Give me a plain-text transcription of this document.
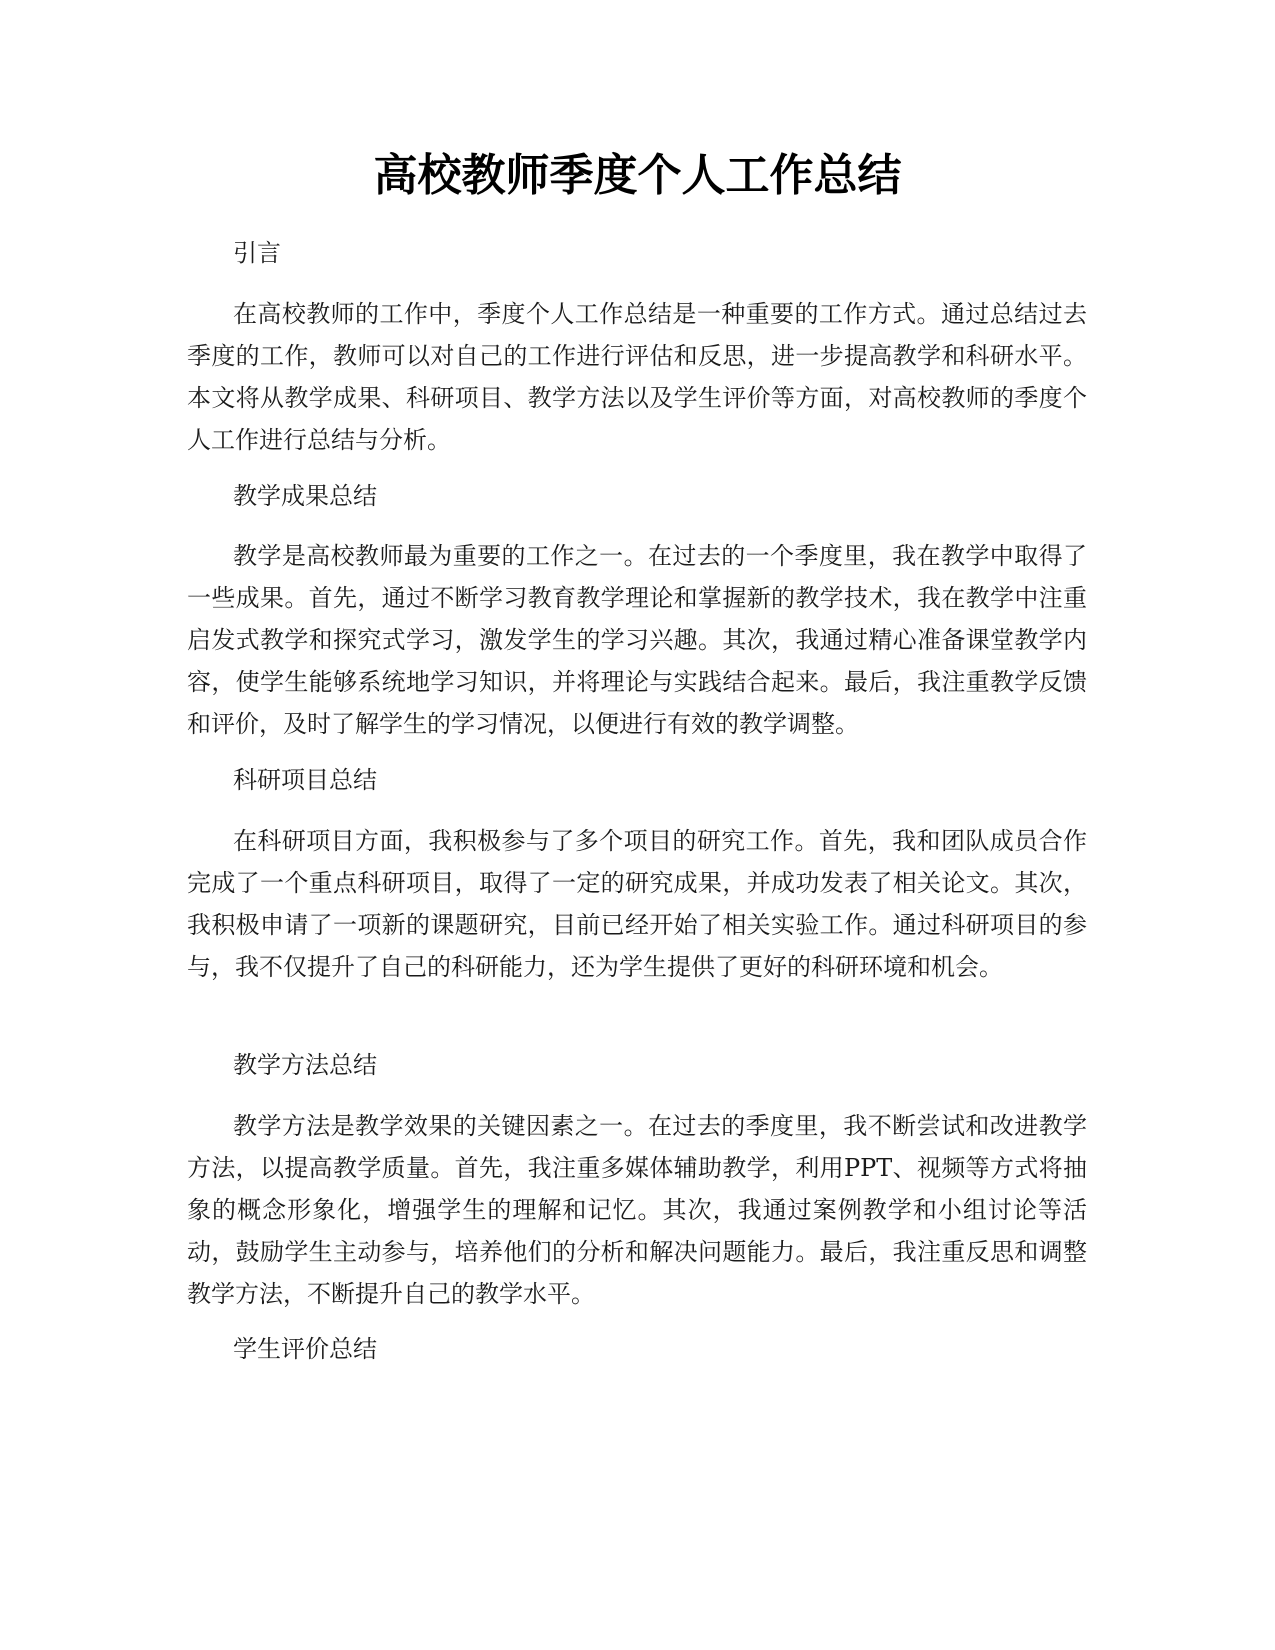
高校教师季度个人工作总结

引言

在高校教师的工作中，季度个人工作总结是一种重要的工作方式。通过总结过去季度的工作，教师可以对自己的工作进行评估和反思，进一步提高教学和科研水平。本文将从教学成果、科研项目、教学方法以及学生评价等方面，对高校教师的季度个人工作进行总结与分析。

教学成果总结

教学是高校教师最为重要的工作之一。在过去的一个季度里，我在教学中取得了一些成果。首先，通过不断学习教育教学理论和掌握新的教学技术，我在教学中注重启发式教学和探究式学习，激发学生的学习兴趣。其次，我通过精心准备课堂教学内容，使学生能够系统地学习知识，并将理论与实践结合起来。最后，我注重教学反馈和评价，及时了解学生的学习情况，以便进行有效的教学调整。

科研项目总结

在科研项目方面，我积极参与了多个项目的研究工作。首先，我和团队成员合作完成了一个重点科研项目，取得了一定的研究成果，并成功发表了相关论文。其次，我积极申请了一项新的课题研究，目前已经开始了相关实验工作。通过科研项目的参与，我不仅提升了自己的科研能力，还为学生提供了更好的科研环境和机会。

教学方法总结

教学方法是教学效果的关键因素之一。在过去的季度里，我不断尝试和改进教学方法，以提高教学质量。首先，我注重多媒体辅助教学，利用PPT、视频等方式将抽象的概念形象化，增强学生的理解和记忆。其次，我通过案例教学和小组讨论等活动，鼓励学生主动参与，培养他们的分析和解决问题能力。最后，我注重反思和调整教学方法，不断提升自己的教学水平。

学生评价总结
